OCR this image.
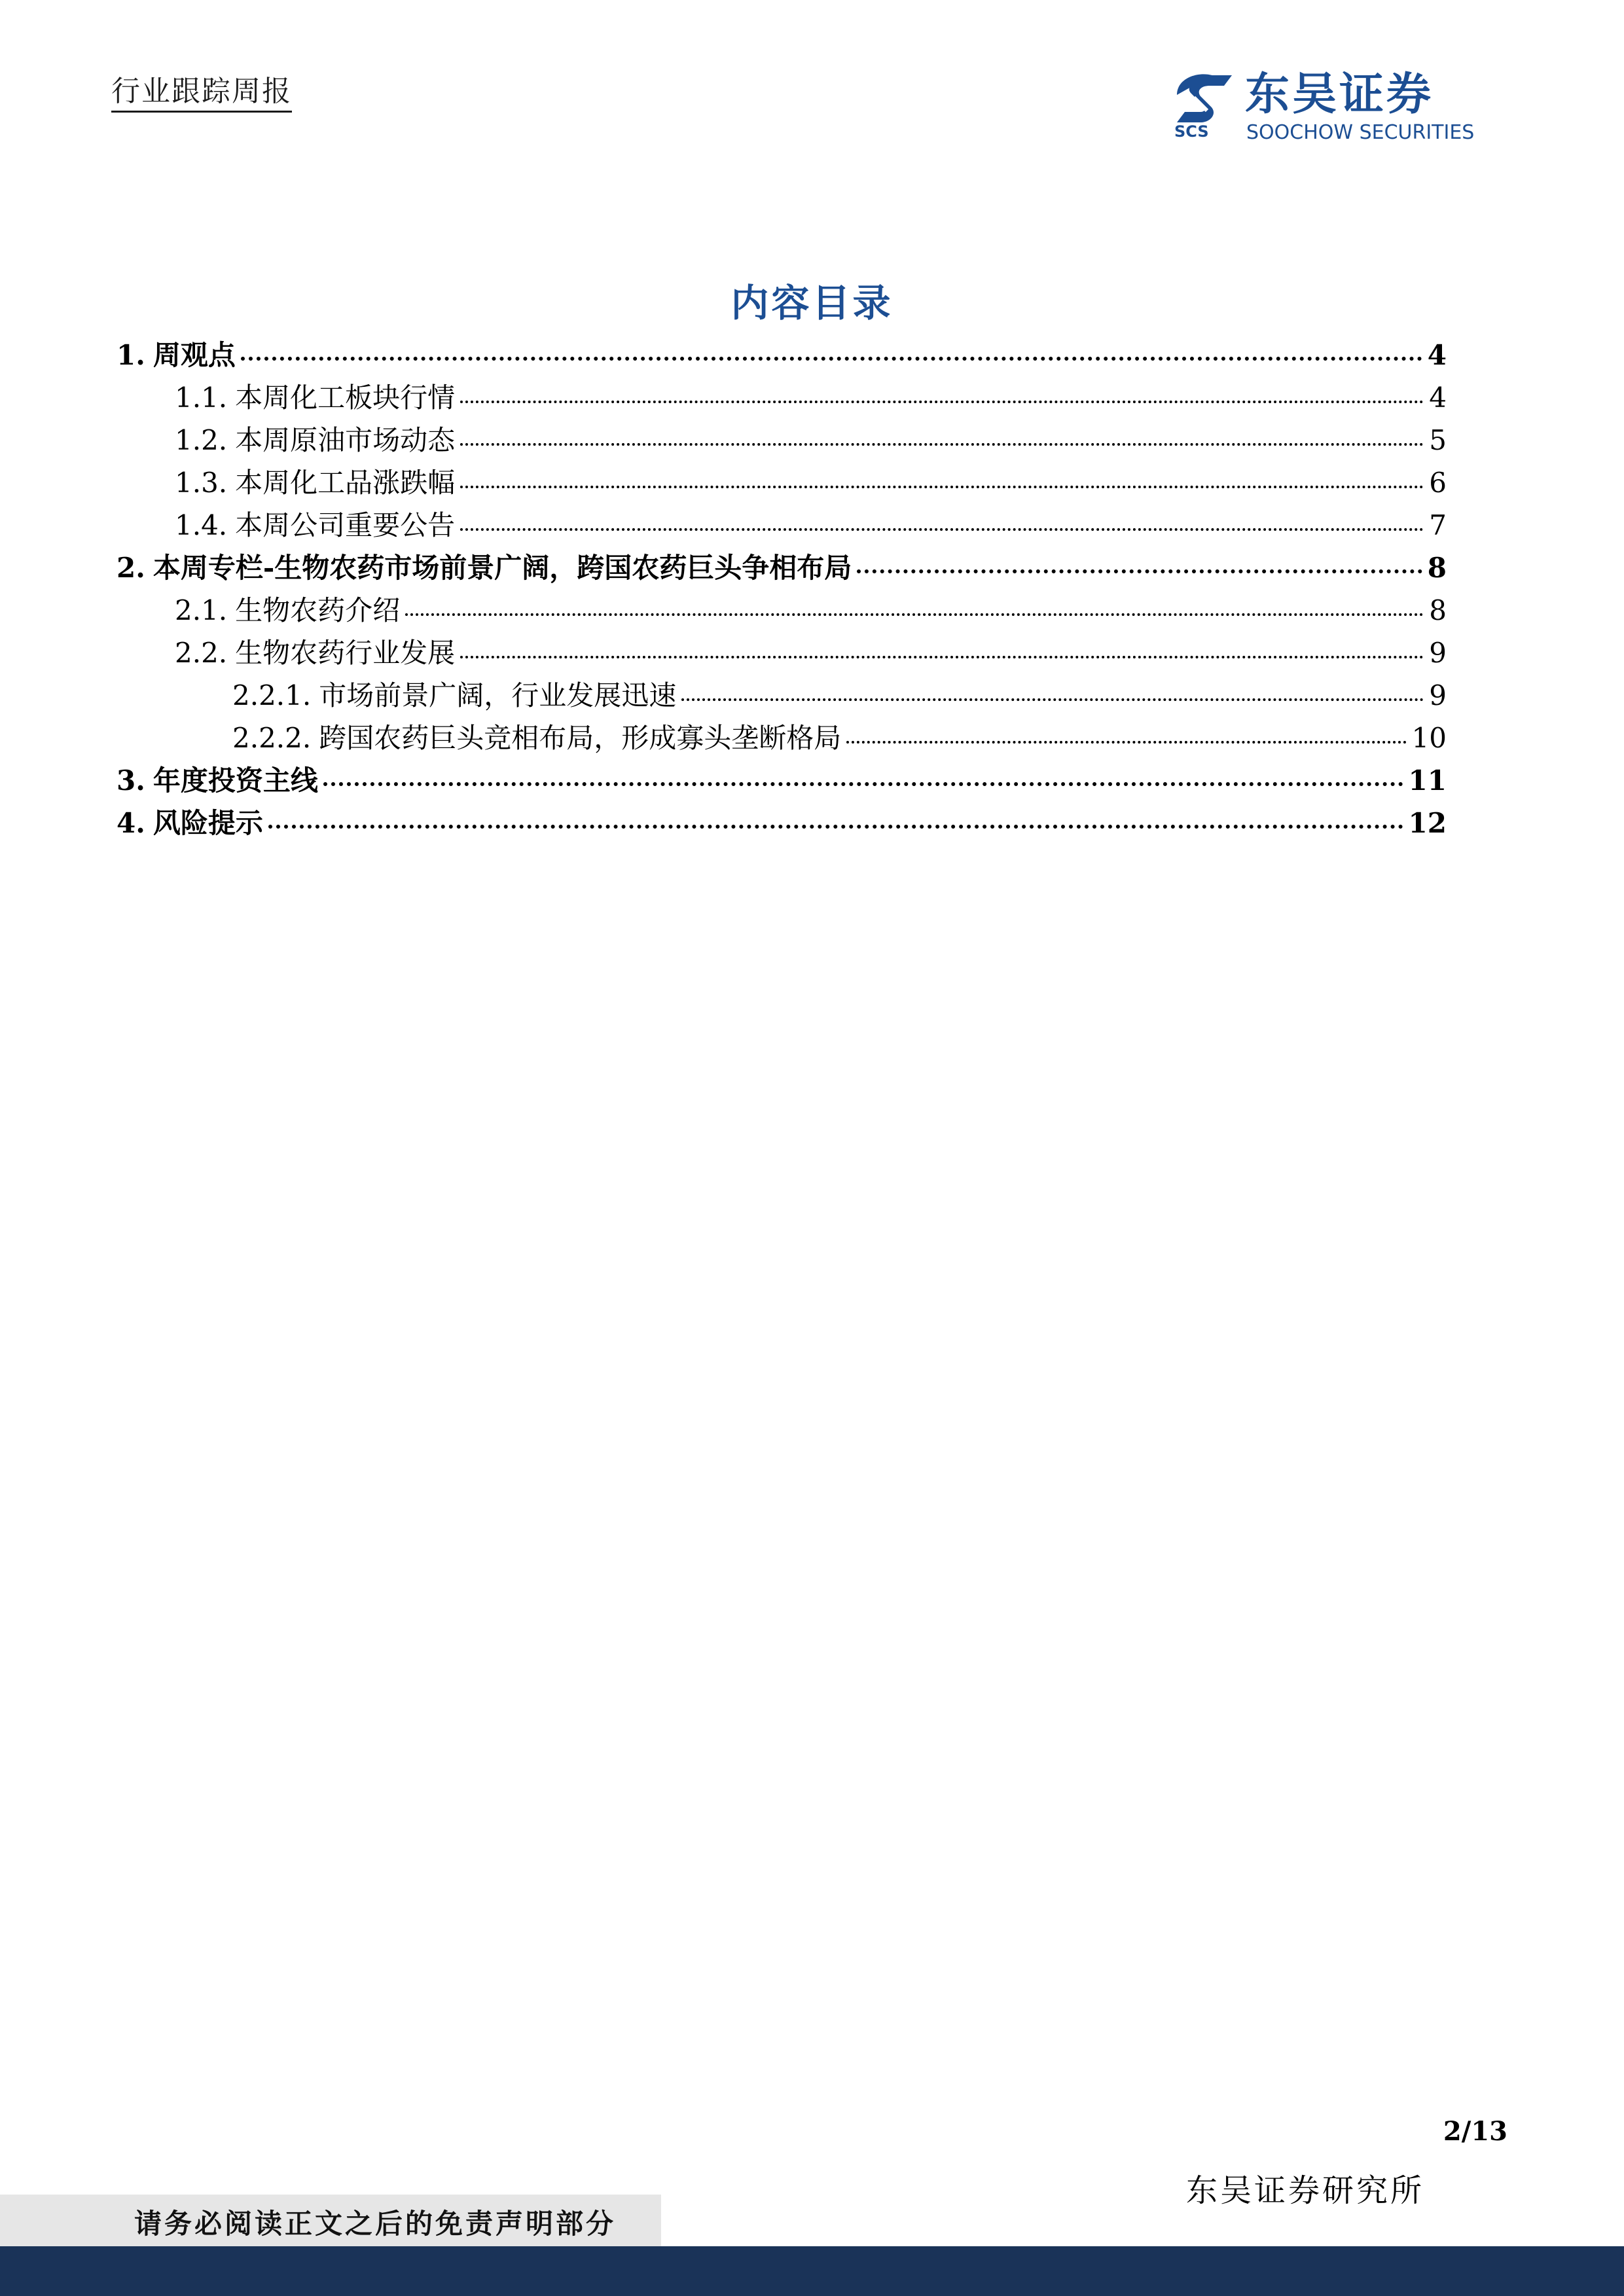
行业跟踪周报
SCS
东吴证券
SOOCHOW SECURITIES
内容目录
1. 周观点	4
1.1. 本周化工板块行情	4
1.2. 本周原油市场动态	5
1.3. 本周化工品涨跌幅	6
1.4. 本周公司重要公告	7
2. 本周专栏-生物农药市场前景广阔，跨国农药巨头争相布局	8
2.1. 生物农药介绍	8
2.2. 生物农药行业发展	9
2.2.1. 市场前景广阔，行业发展迅速	9
2.2.2. 跨国农药巨头竞相布局，形成寡头垄断格局	10
3. 年度投资主线	11
4. 风险提示	12
2/13
东吴证券研究所
请务必阅读正文之后的免责声明部分
